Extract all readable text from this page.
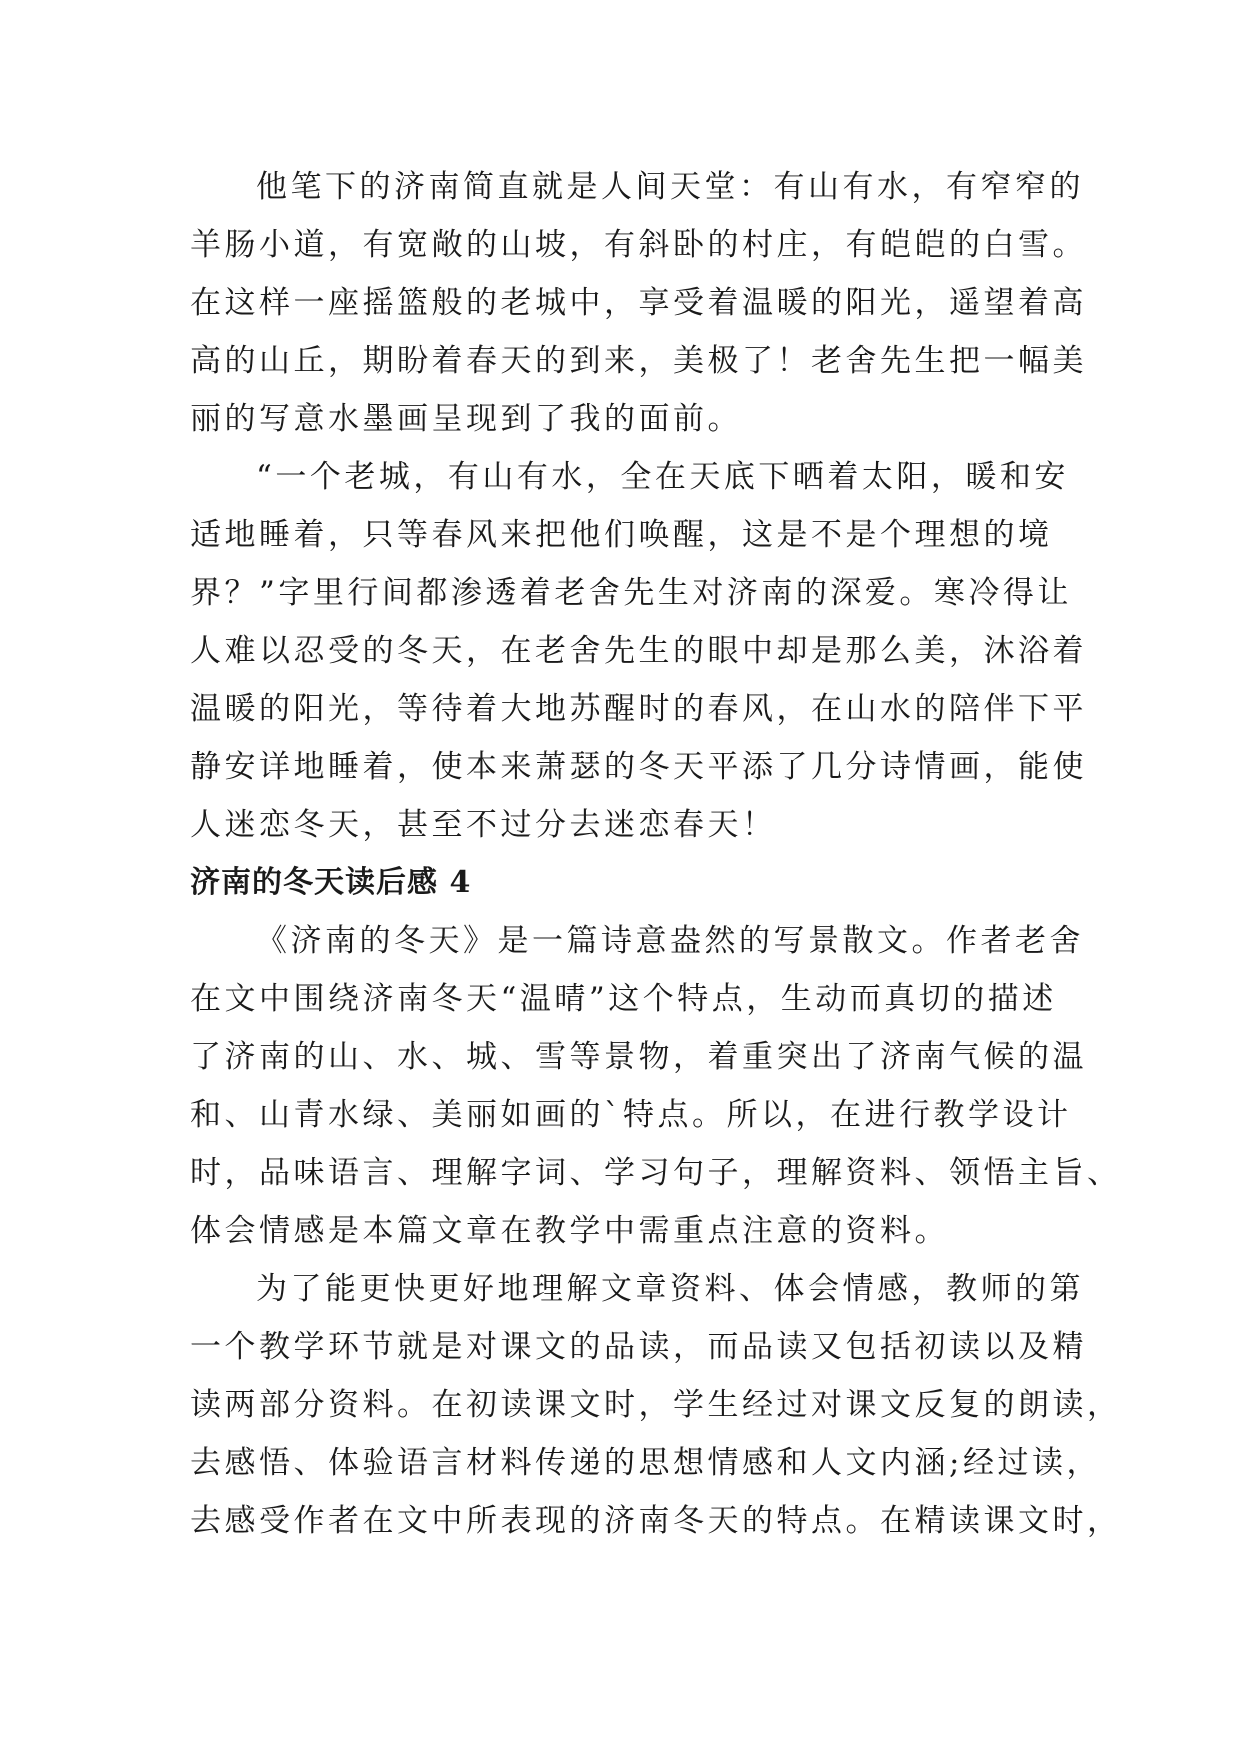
他笔下的济南简直就是人间天堂：有山有水，有窄窄的
羊肠小道，有宽敞的山坡，有斜卧的村庄，有皑皑的白雪。
在这样一座摇篮般的老城中，享受着温暖的阳光，遥望着高
高的山丘，期盼着春天的到来，美极了！老舍先生把一幅美
丽的写意水墨画呈现到了我的面前。

“一个老城，有山有水，全在天底下晒着太阳，暖和安
适地睡着，只等春风来把他们唤醒，这是不是个理想的境
界？”字里行间都渗透着老舍先生对济南的深爱。寒冷得让
人难以忍受的冬天，在老舍先生的眼中却是那么美，沐浴着
温暖的阳光，等待着大地苏醒时的春风，在山水的陪伴下平
静安详地睡着，使本来萧瑟的冬天平添了几分诗情画，能使
人迷恋冬天，甚至不过分去迷恋春天！

济南的冬天读后感 4

《济南的冬天》是一篇诗意盎然的写景散文。作者老舍
在文中围绕济南冬天“温晴”这个特点，生动而真切的描述
了济南的山、水、城、雪等景物，着重突出了济南气候的温
和、山青水绿、美丽如画的`特点。所以，在进行教学设计
时，品味语言、理解字词、学习句子，理解资料、领悟主旨、
体会情感是本篇文章在教学中需重点注意的资料。

为了能更快更好地理解文章资料、体会情感，教师的第
一个教学环节就是对课文的品读，而品读又包括初读以及精
读两部分资料。在初读课文时，学生经过对课文反复的朗读，
去感悟、体验语言材料传递的思想情感和人文内涵;经过读，
去感受作者在文中所表现的济南冬天的特点。在精读课文时，
